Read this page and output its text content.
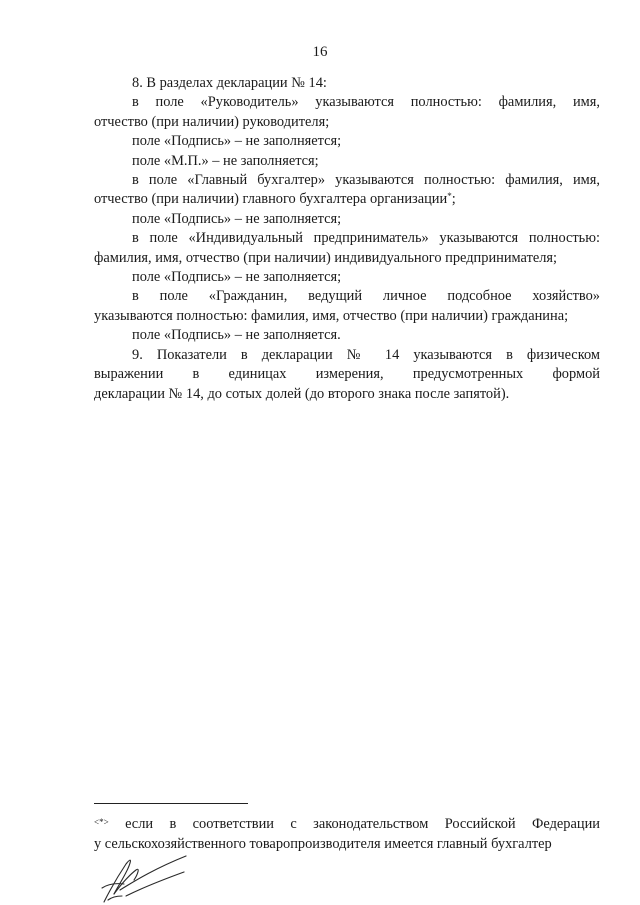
16

8. В разделах декларации № 14:

в поле «Руководитель» указываются полностью: фамилия, имя,

отчество (при наличии) руководителя;

поле «Подпись» – не заполняется;

поле «М.П.» – не заполняется;

в поле «Главный бухгалтер» указываются полностью: фамилия, имя,

отчество (при наличии) главного бухгалтера организации*;

поле «Подпись» – не заполняется;

в поле «Индивидуальный предприниматель» указываются полностью:

фамилия, имя, отчество (при наличии) индивидуального предпринимателя;

поле «Подпись» – не заполняется;

в поле «Гражданин, ведущий личное подсобное хозяйство»

указываются полностью: фамилия, имя, отчество (при наличии) гражданина;

поле «Подпись» – не заполняется.

9. Показатели в декларации № 14 указываются в физическом

выражении в единицах измерения, предусмотренных формой

декларации № 14, до сотых долей (до второго знака после запятой).

<*> если в соответствии с законодательством Российской Федерации

у сельскохозяйственного товаропроизводителя имеется главный бухгалтер
